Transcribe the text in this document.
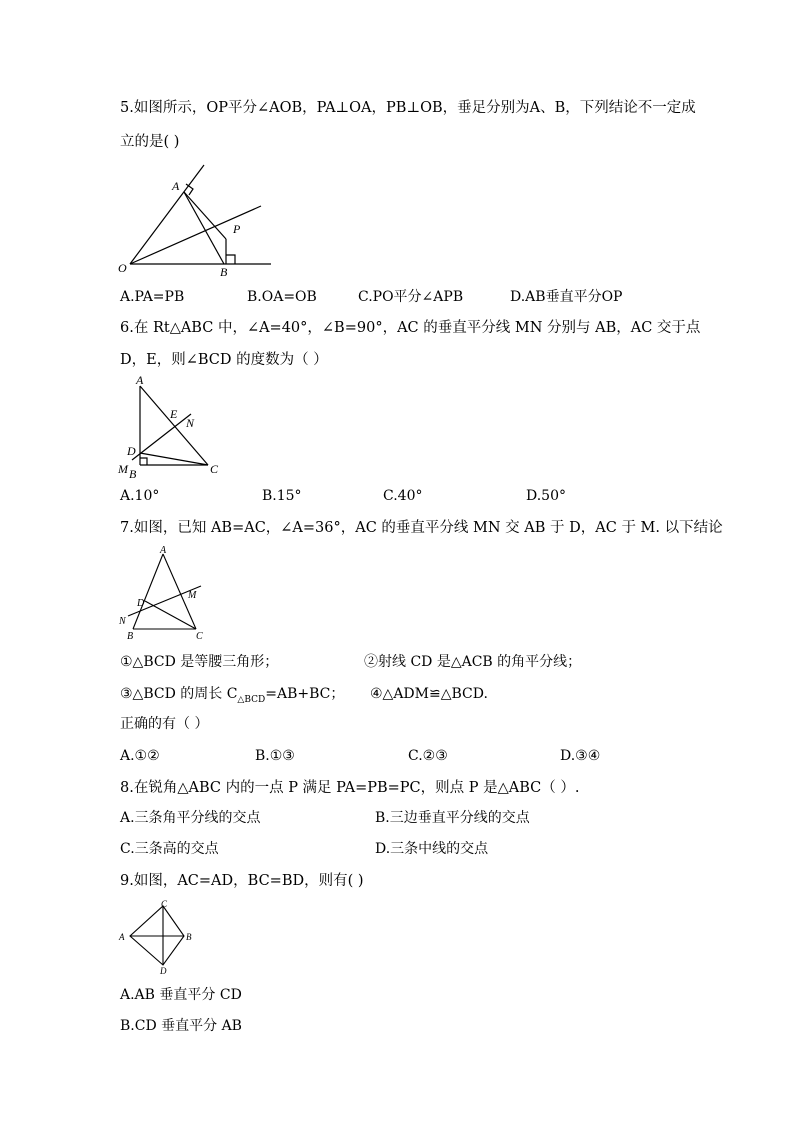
5.如图所示，OP平分∠AOB，PA⊥OA，PB⊥OB，垂足分别为A、B，下列结论不一定成
立的是( )
A
P
O	B
A.PA=PB	B.OA=OB	C.PO平分∠APB	D.AB垂直平分OP
6.在 Rt△ABC 中，∠A=40°，∠B=90°，AC 的垂直平分线 MN 分别与 AB，AC 交于点
D，E，则∠BCD 的度数为（ ）
A
E
N
D
M B	C
A.10°	B.15°	C.40°	D.50°
7.如图，已知 AB=AC，∠A=36°，AC 的垂直平分线 MN 交 AB 于 D，AC 于 M. 以下结论
A
M
D
N
B	C
①△BCD 是等腰三角形；	②射线 CD 是△ACB 的角平分线；
③△BCD 的周长 $C_{\triangle BCD}=AB+BC$； ④△ADM≌△BCD.
正确的有（ ）
A.①②	B.①③	C.②③	D.③④
8.在锐角△ABC 内的一点 P 满足 PA=PB=PC，则点 P 是△ABC（ ）.
A.三条角平分线的交点	B.三边垂直平分线的交点
C.三条高的交点	D.三条中线的交点
9.如图，AC=AD，BC=BD，则有( )
C
A	B
D
A.AB 垂直平分 CD
B.CD 垂直平分 AB
